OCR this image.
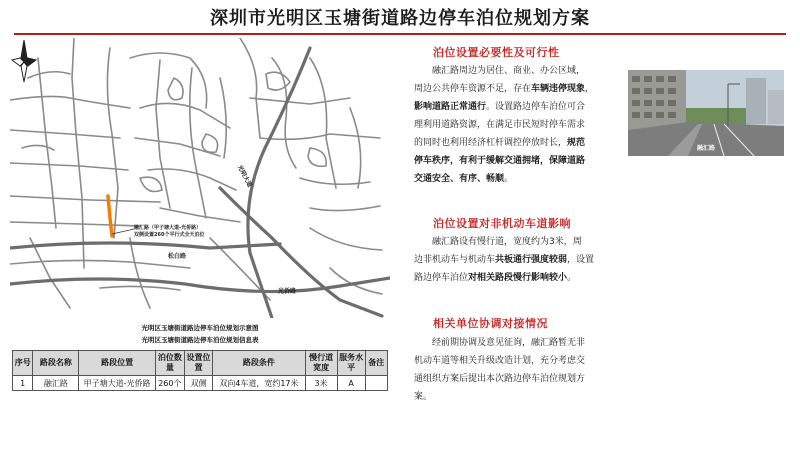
深圳市光明区玉塘街道路边停车泊位规划方案
光明大道
光侨路
松白路
融汇路（甲子塘大道-光侨路）
双侧设置260个平行式全天泊位
光明区玉塘街道路边停车泊位规划示意图
光明区玉塘街道路边停车泊位规划信息表
序号	路段名称	路段位置	泊位数量	设置位置	路段条件	慢行道宽度	服务水平	备注
1	融汇路	甲子塘大道-光侨路	260个	双侧	双向4车道，宽约17米	3米	A	
泊位设置必要性及可行性
融汇路周边为居住、商业、办公区域，
周边公共停车资源不足，存在车辆违停现象，
影响道路正常通行。设置路边停车泊位可合
理利用道路资源，在满足市民短时停车需求
的同时也利用经济杠杆调控停放时长，规范
停车秩序，有利于缓解交通拥堵，保障道路
交通安全、有序、畅顺。
融汇路
泊位设置对非机动车道影响
融汇路设有慢行道，宽度约为3米，周
边非机动车与机动车共板通行强度较弱，设置
路边停车泊位对相关路段慢行影响较小。
相关单位协调对接情况
经前期协调及意见征询，融汇路暂无非
机动车道等相关升级改造计划，充分考虑交
通组织方案后提出本次路边停车泊位规划方
案。
